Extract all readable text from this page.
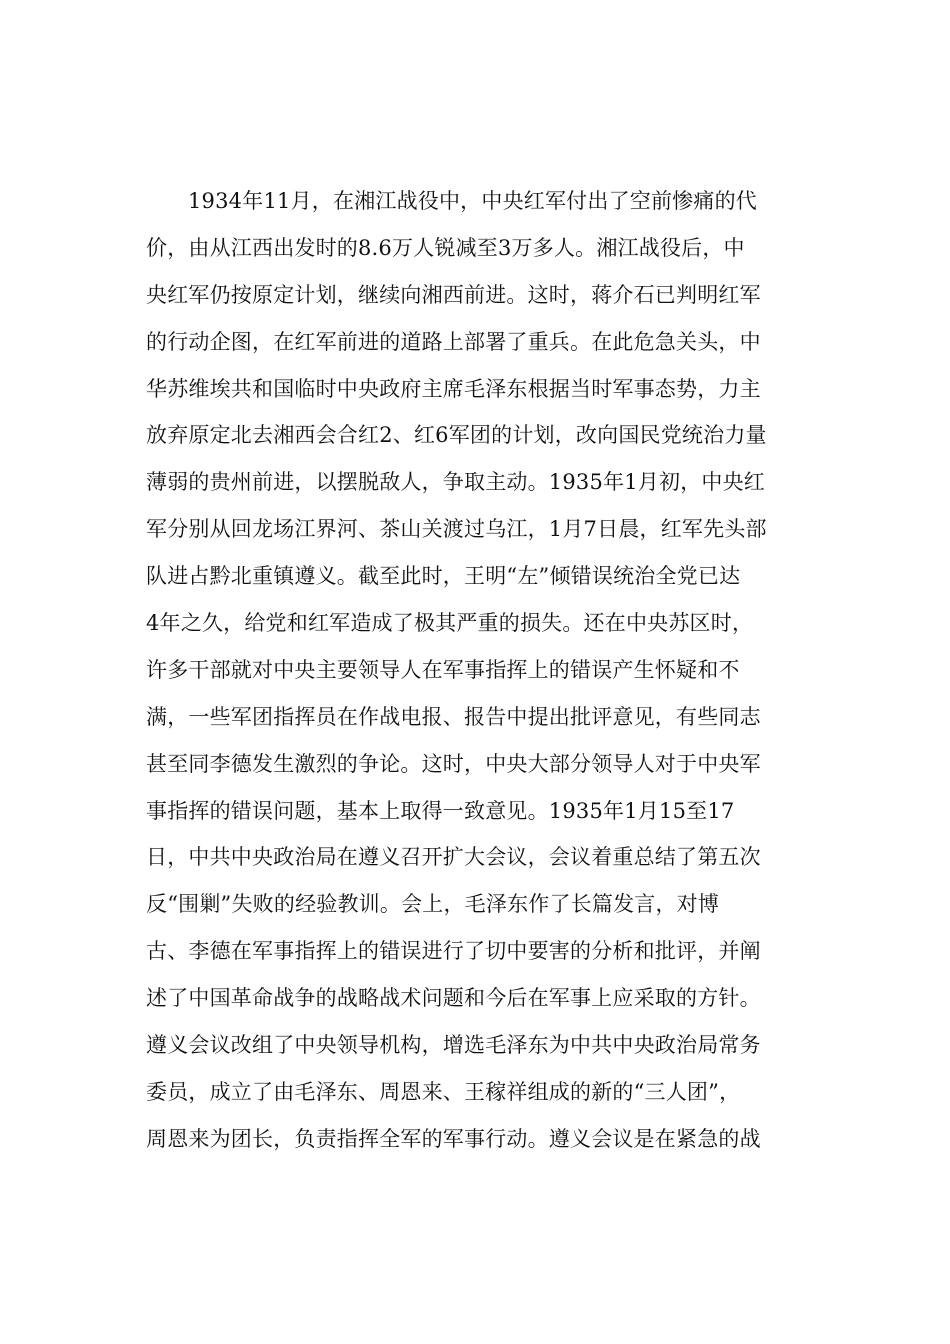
1934年11月，在湘江战役中，中央红军付出了空前惨痛的代
价，由从江西出发时的8.6万人锐减至3万多人。湘江战役后，中
央红军仍按原定计划，继续向湘西前进。这时，蒋介石已判明红军
的行动企图，在红军前进的道路上部署了重兵。在此危急关头，中
华苏维埃共和国临时中央政府主席毛泽东根据当时军事态势，力主
放弃原定北去湘西会合红2、红6军团的计划，改向国民党统治力量
薄弱的贵州前进，以摆脱敌人，争取主动。1935年1月初，中央红
军分别从回龙场江界河、茶山关渡过乌江，1月7日晨，红军先头部
队进占黔北重镇遵义。截至此时，王明“左”倾错误统治全党已达
4年之久，给党和红军造成了极其严重的损失。还在中央苏区时，
许多干部就对中央主要领导人在军事指挥上的错误产生怀疑和不
满，一些军团指挥员在作战电报、报告中提出批评意见，有些同志
甚至同李德发生激烈的争论。这时，中央大部分领导人对于中央军
事指挥的错误问题，基本上取得一致意见。1935年1月15至17
日，中共中央政治局在遵义召开扩大会议，会议着重总结了第五次
反“围剿”失败的经验教训。会上，毛泽东作了长篇发言，对博
古、李德在军事指挥上的错误进行了切中要害的分析和批评，并阐
述了中国革命战争的战略战术问题和今后在军事上应采取的方针。
遵义会议改组了中央领导机构，增选毛泽东为中共中央政治局常务
委员，成立了由毛泽东、周恩来、王稼祥组成的新的“三人团”，
周恩来为团长，负责指挥全军的军事行动。遵义会议是在紧急的战
